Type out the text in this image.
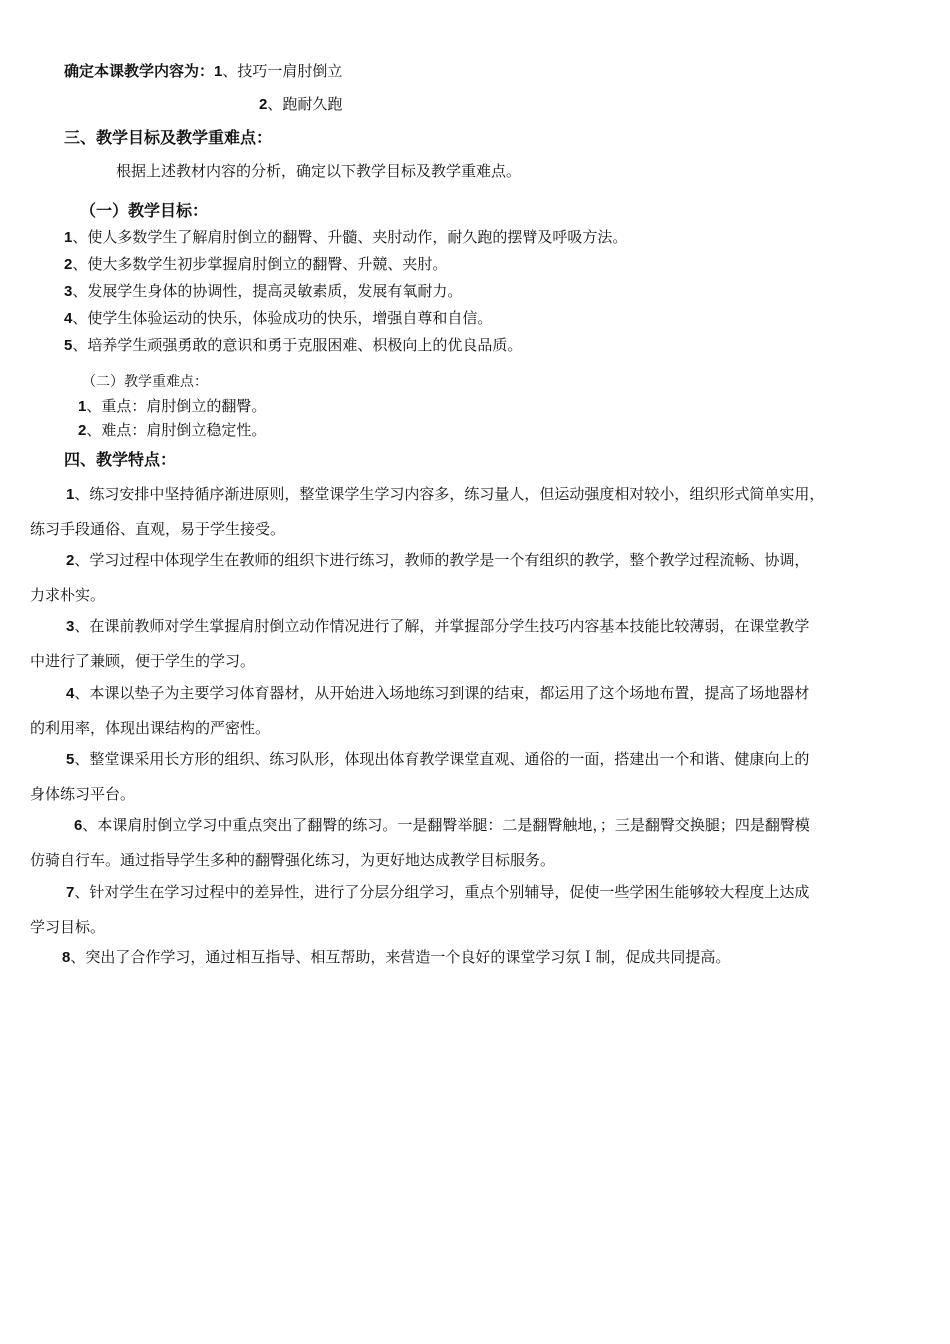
确定本课教学内容为：1、技巧一肩肘倒立
2、跑耐久跑
三、教学目标及教学重难点：
根据上述教材内容的分析，确定以下教学目标及教学重难点。
（一）教学目标：
1、使人多数学生了解肩肘倒立的翻臀、升髓、夹肘动作，耐久跑的摆臂及呼吸方法。
2、使大多数学生初步掌握肩肘倒立的翻臀、升競、夹肘。
3、发展学生身体的协调性，提高灵敏素质，发展有氧耐力。
4、使学生体验运动的快乐，体验成功的快乐，增强自尊和自信。
5、培养学生顽强勇敢的意识和勇于克服困难、枳极向上的优良品质。
（二）教学重难点：
1、重点：肩肘倒立的翻臀。
2、难点：肩肘倒立稳定性。
四、教学特点：
1、练习安排中坚持循序渐进原则，整堂课学生学习内容多，练习量人，但运动强度相对较小，组织形式简单实用，
练习手段通俗、直观，易于学生接受。
2、学习过程中体现学生在教师的组织卞进行练习，教师的教学是一个有组织的教学，整个教学过程流畅、协调，
力求朴实。
3、在课前教师对学生掌握肩肘倒立动作情况进行了解，并掌握部分学生技巧内容基本技能比较薄弱，在课堂教学
中进行了兼顾，便于学生的学习。
4、本课以垫子为主要学习体育器材，从开始进入场地练习到课的结束，都运用了这个场地布置，提高了场地器材
的利用率，体现出课结构的严密性。
5、整堂课采用长方形的组织、练习队形，体现出体育教学课堂直观、通俗的一面，搭建出一个和谐、健康向上的
身体练习平台。
6、本课肩肘倒立学习中重点突出了翻臀的练习。一是翻臀举腿：二是翻臀触地，；三是翻臀交换腿；四是翻臀模
仿骑自行车。通过指导学生多种的翻臀强化练习，为更好地达成教学目标服务。
7、针对学生在学习过程中的差异性，进行了分层分组学习，重点个别辅导，促使一些学困生能够较大程度上达成
学习目标。
8、突出了合作学习，通过相互指导、相互帮助，来营造一个良好的课堂学习氛Ｉ制，促成共同提高。
